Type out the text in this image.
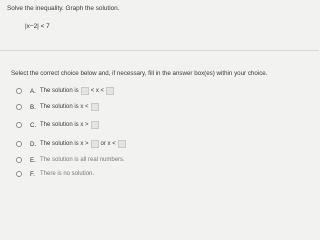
Solve the inequality. Graph the solution.
|x−2| < 7
Select the correct choice below and, if necessary, fill in the answer box(es) within your choice.
A. The solution is < x <
B. The solution is x <
C. The solution is x >
D. The solution is x > or x <
E. The solution is all real numbers.
F. There is no solution.
